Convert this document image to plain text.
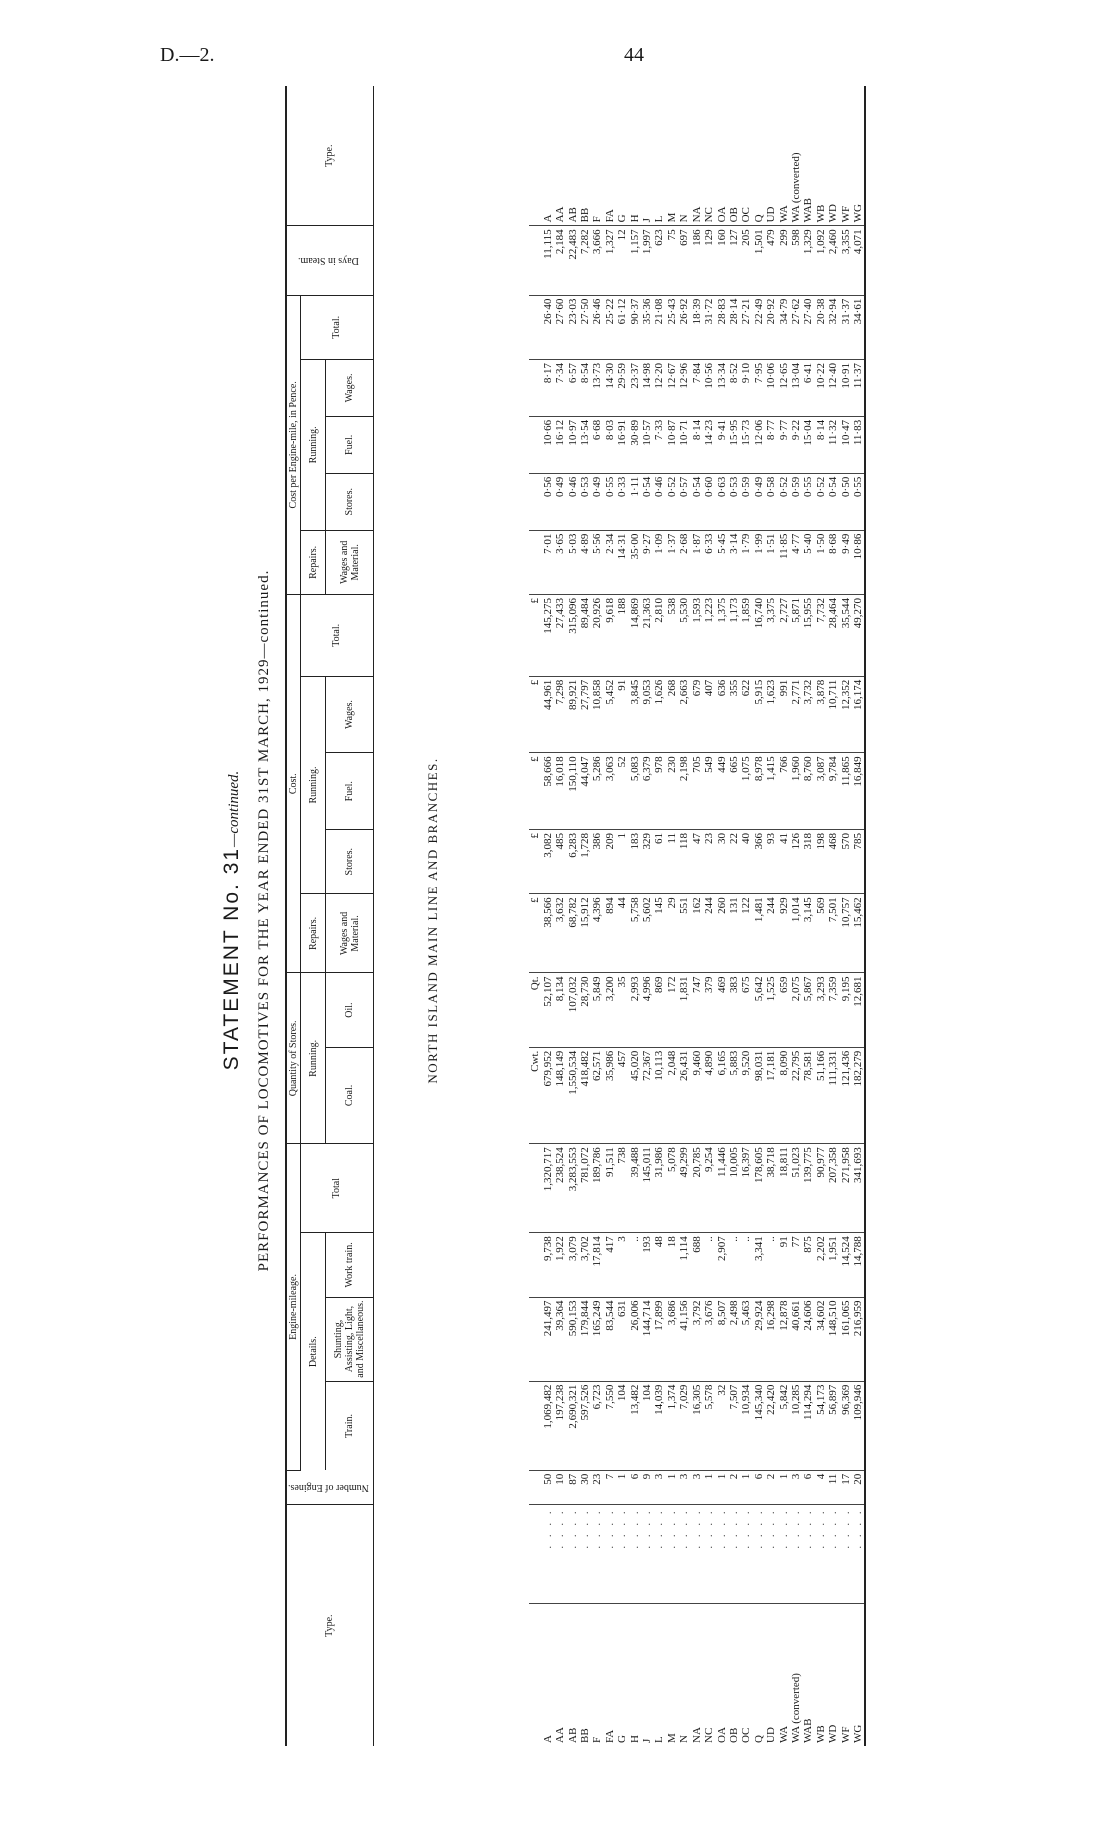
D.—2.	44
STATEMENT No. 31—continued. PERFORMANCES OF LOCOMOTIVES FOR THE YEAR ENDED 31ST MARCH, 1929—continued.	NORTH ISLAND MAIN LINE AND BRANCHES.
Type.		Number of Engines.	Engine-mileage.				Quantity of Stores.		Cost.					Cost per Engine-mile, in Pence.					Days in Steam.	Type.
			Details.			Total	Running.		Repairs.	Running.			Total.	Repairs.	Running.			Total.		
			Train.	Shunting, Assisting, Light, and Miscellaneous.	Work train.		Coal.	Oil.	Wages and Material.	Stores.	Fuel.	Wages.		Wages and Material.	Stores.	Fuel.	Wages.			

							Cwt.	Qt.	£	£	£	£	£							
A	. . . .	50	1,069,482	241,497	9,738	1,320,717	679,952	52,107	38,566	3,082	58,666	44,961	145,275	7·01	0·56	10·66	8·17	26·40	11,115	A
AA	. . . .	10	197,238	39,364	1,922	238,524	148,149	8,134	3,632	485	16,018	7,298	27,433	3·65	0·49	16·12	7·34	27·60	2,184	AA
AB	. . . .	87	2,690,321	590,153	3,079	3,283,553	1,550,534	107,032	68,782	6,283	150,110	89,921	315,096	5·03	0·46	10·97	6·57	23·03	22,483	AB
BB	. . . .	30	597,526	179,844	3,702	781,072	418,482	28,730	15,912	1,728	44,047	27,797	89,484	4·89	0·53	13·54	8·54	27·50	7,282	BB
F	. . . .	23	6,723	165,249	17,814	189,786	62,571	5,849	4,396	386	5,286	10,858	20,926	5·56	0·49	6·68	13·73	26·46	3,666	F
FA	. . . .	7	7,550	83,544	417	91,511	35,986	3,200	894	209	3,063	5,452	9,618	2·34	0·55	8·03	14·30	25·22	1,327	FA
G	. . . .	1	104	631	3	738	457	35	44	1	52	91	188	14·31	0·33	16·91	29·59	61·12	12	G
H	. . . .	6	13,482	26,006	..	39,488	45,020	2,993	5,758	183	5,083	3,845	14,869	35·00	1·11	30·89	23·37	90·37	1,157	H
J	. . . .	9	104	144,714	193	145,011	72,367	4,996	5,602	329	6,379	9,053	21,363	9·27	0·54	10·57	14·98	35·36	1,997	J
L	. . . .	3	14,039	17,899	48	31,986	10,113	869	145	61	978	1,626	2,810	1·09	0·46	7·33	12·20	21·08	623	L
M	. . . .	1	1,374	3,686	18	5,078	2,048	172	29	11	230	268	538	1·37	0·52	10·87	12·67	25·43	75	M
N	. . . .	3	7,029	41,156	1,114	49,299	26,431	1,831	551	118	2,198	2,663	5,530	2·68	0·57	10·71	12·96	26·92	697	N
NA	. . . .	3	16,305	3,792	688	20,785	9,460	747	162	47	705	679	1,593	1·87	0·54	8·14	7·84	18·39	186	NA
NC	. . . .	1	5,578	3,676	..	9,254	4,890	379	244	23	549	407	1,223	6·33	0·60	14·23	10·56	31·72	129	NC
OA	. . . .	1	32	8,507	2,907	11,446	6,165	469	260	30	449	636	1,375	5·45	0·63	9·41	13·34	28·83	160	OA
OB	. . . .	2	7,507	2,498	..	10,005	5,883	383	131	22	665	355	1,173	3·14	0·53	15·95	8·52	28·14	127	OB
OC	. . . .	1	10,934	5,463	..	16,397	9,520	675	122	40	1,075	622	1,859	1·79	0·59	15·73	9·10	27·21	205	OC
Q	. . . .	6	145,340	29,924	3,341	178,605	98,031	5,642	1,481	366	8,978	5,915	16,740	1·99	0·49	12·06	7·95	22·49	1,501	Q
UD	. . . .	2	22,420	16,298	..	38,718	17,181	1,525	244	93	1,415	1,623	3,375	1·51	0·58	8·77	10·06	20·92	479	UD
WA	. . . .	1	5,842	12,878	91	18,811	8,090	659	929	41	766	991	2,727	11·85	0·52	9·77	12·65	34·79	299	WA
WA (converted)	. . . .	3	10,285	40,661	77	51,023	22,795	2,075	1,014	126	1,960	2,771	5,871	4·77	0·59	9·22	13·04	27·62	598	WA (converted)
WAB	. . . .	6	114,294	24,606	875	139,775	78,581	5,867	3,145	318	8,760	3,732	15,955	5·40	0·55	15·04	6·41	27·40	1,329	WAB
WB	. . . .	4	54,173	34,602	2,202	90,977	51,166	3,293	569	198	3,087	3,878	7,732	1·50	0·52	8·14	10·22	20·38	1,092	WB
WD	. . . .	11	56,897	148,510	1,951	207,358	111,331	7,359	7,501	468	9,784	10,711	28,464	8·68	0·54	11·32	12·40	32·94	2,460	WD
WF	. . . .	17	96,369	161,065	14,524	271,958	121,436	9,195	10,757	570	11,865	12,352	35,544	9·49	0·50	10·47	10·91	31·37	3,355	WF
WG	. . . .	20	109,946	216,959	14,788	341,693	182,279	12,681	15,462	785	16,849	16,174	49,270	10·86	0·55	11·83	11·37	34·61	4,071	WG
